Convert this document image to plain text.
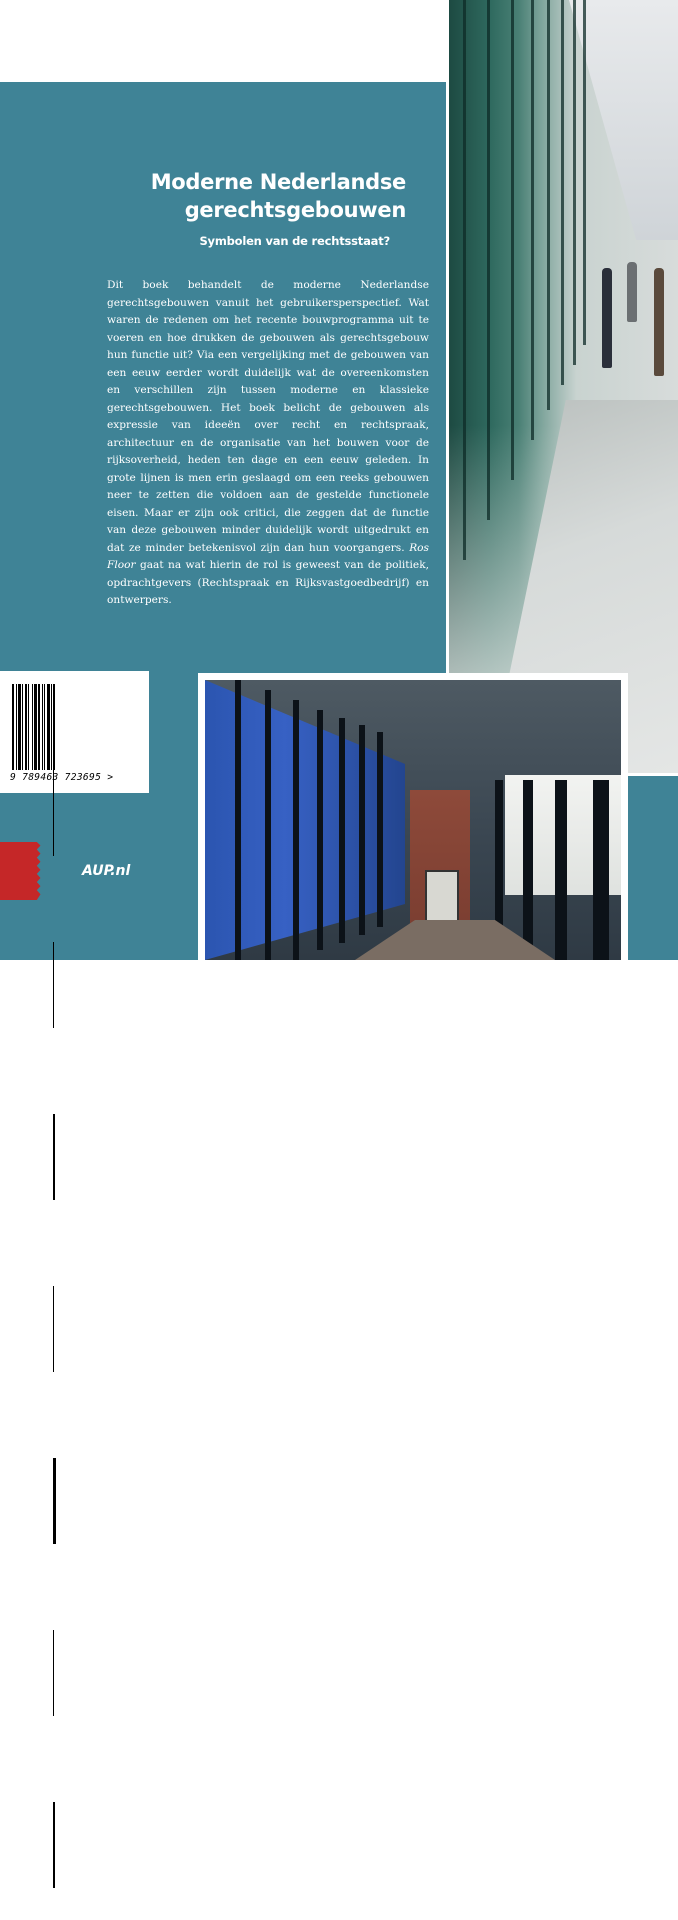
Moderne Nederlandse
gerechtsgebouwen
Symbolen van de rechtsstaat?
Dit boek behandelt de moderne Nederlandse gerechtsgebouwen vanuit het gebruikersperspectief. Wat waren de redenen om het recente bouwprogramma uit te voeren en hoe drukken de gebouwen als gerechtsgebouw hun functie uit? Via een vergelijking met de gebouwen van een eeuw eerder wordt duidelijk wat de overeenkomsten en verschillen zijn tussen moderne en klassieke gerechtsgebouwen. Het boek belicht de gebouwen als expressie van ideeën over recht en rechtspraak, architectuur en de organisatie van het bouwen voor de rijksoverheid, heden ten dage en een eeuw geleden. In grote lijnen is men erin geslaagd om een reeks gebouwen neer te zetten die voldoen aan de gestelde functionele eisen. Maar er zijn ook critici, die zeggen dat de functie van deze gebouwen minder duidelijk wordt uitgedrukt en dat ze minder betekenisvol zijn dan hun voorgangers. Ros Floor gaat na wat hierin de rol is geweest van de politiek, opdrachtgevers (Rechtspraak en Rijksvastgoedbedrijf) en ontwerpers.
9 789463 723695 >
AUP.nl
